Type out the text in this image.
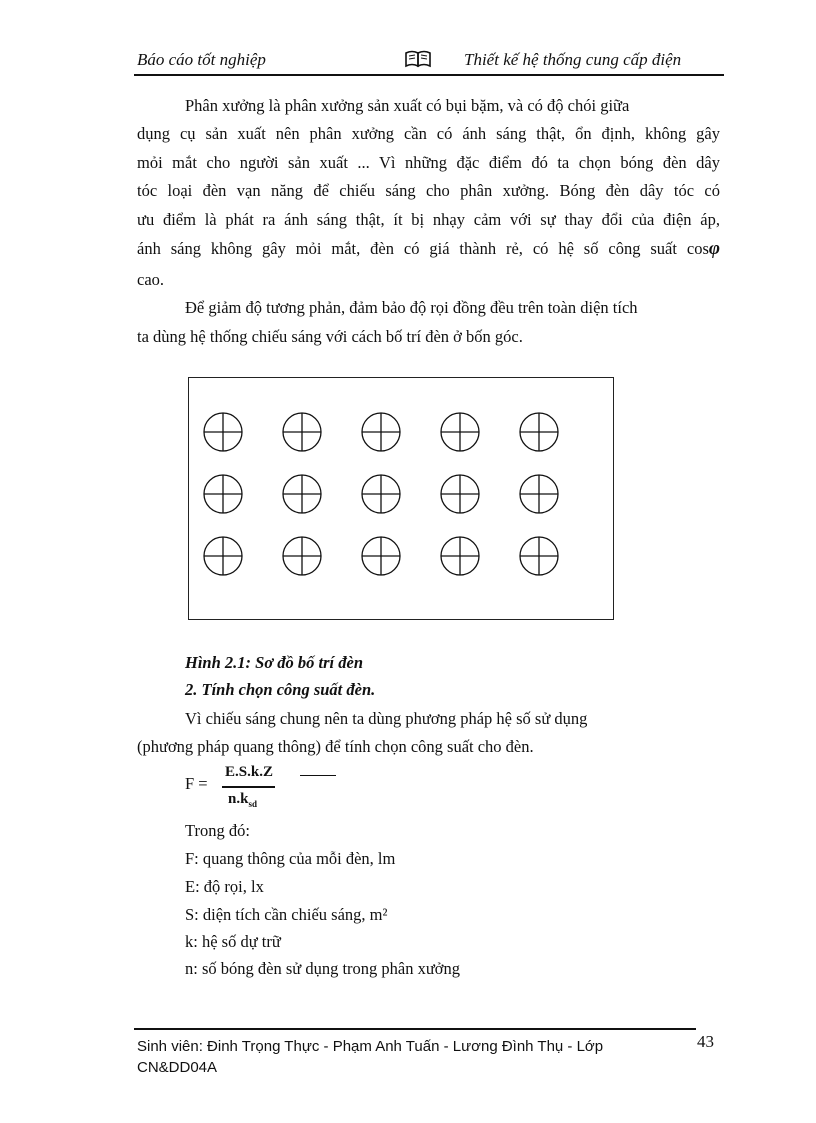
Báo cáo tốt nghiệp	Thiết kế hệ thống cung cấp điện
Phân xưởng là phân xưởng sản xuất có bụi bặm, và có độ chói giữa
dụng cụ sản xuất nên phân xưởng cần có ánh sáng thật, ổn định, không gây
mỏi mắt cho người sản xuất ... Vì những đặc điểm đó ta chọn bóng đèn dây
tóc loại đèn vạn năng để chiếu sáng cho phân xưởng. Bóng đèn dây tóc có
ưu điểm là phát ra ánh sáng thật, ít bị nhạy cảm với sự thay đổi của điện áp,
ánh sáng không gây mỏi mắt, đèn có giá thành rẻ, có hệ số công suất cosφ
cao.
Để giảm độ tương phản, đảm bảo độ rọi đồng đều trên toàn diện tích
ta dùng hệ thống chiếu sáng với cách bố trí đèn ở bốn góc.
Hình 2.1: Sơ đồ bố trí đèn
2. Tính chọn công suất đèn.
Vì chiếu sáng chung nên ta dùng phương pháp hệ số sử dụng
(phương pháp quang thông) để tính chọn công suất cho đèn.
F =
E.S.k.Z
$n.k_{sd}$
Trong đó:
F: quang thông của mỗi đèn, lm
E: độ rọi, lx
S: diện tích cần chiếu sáng, m²
k: hệ số dự trữ
n: số bóng đèn sử dụng trong phân xưởng
Sinh viên: Đinh Trọng Thực - Phạm Anh Tuấn - Lương Đình Thụ - Lớp
CN&DD04A
43
